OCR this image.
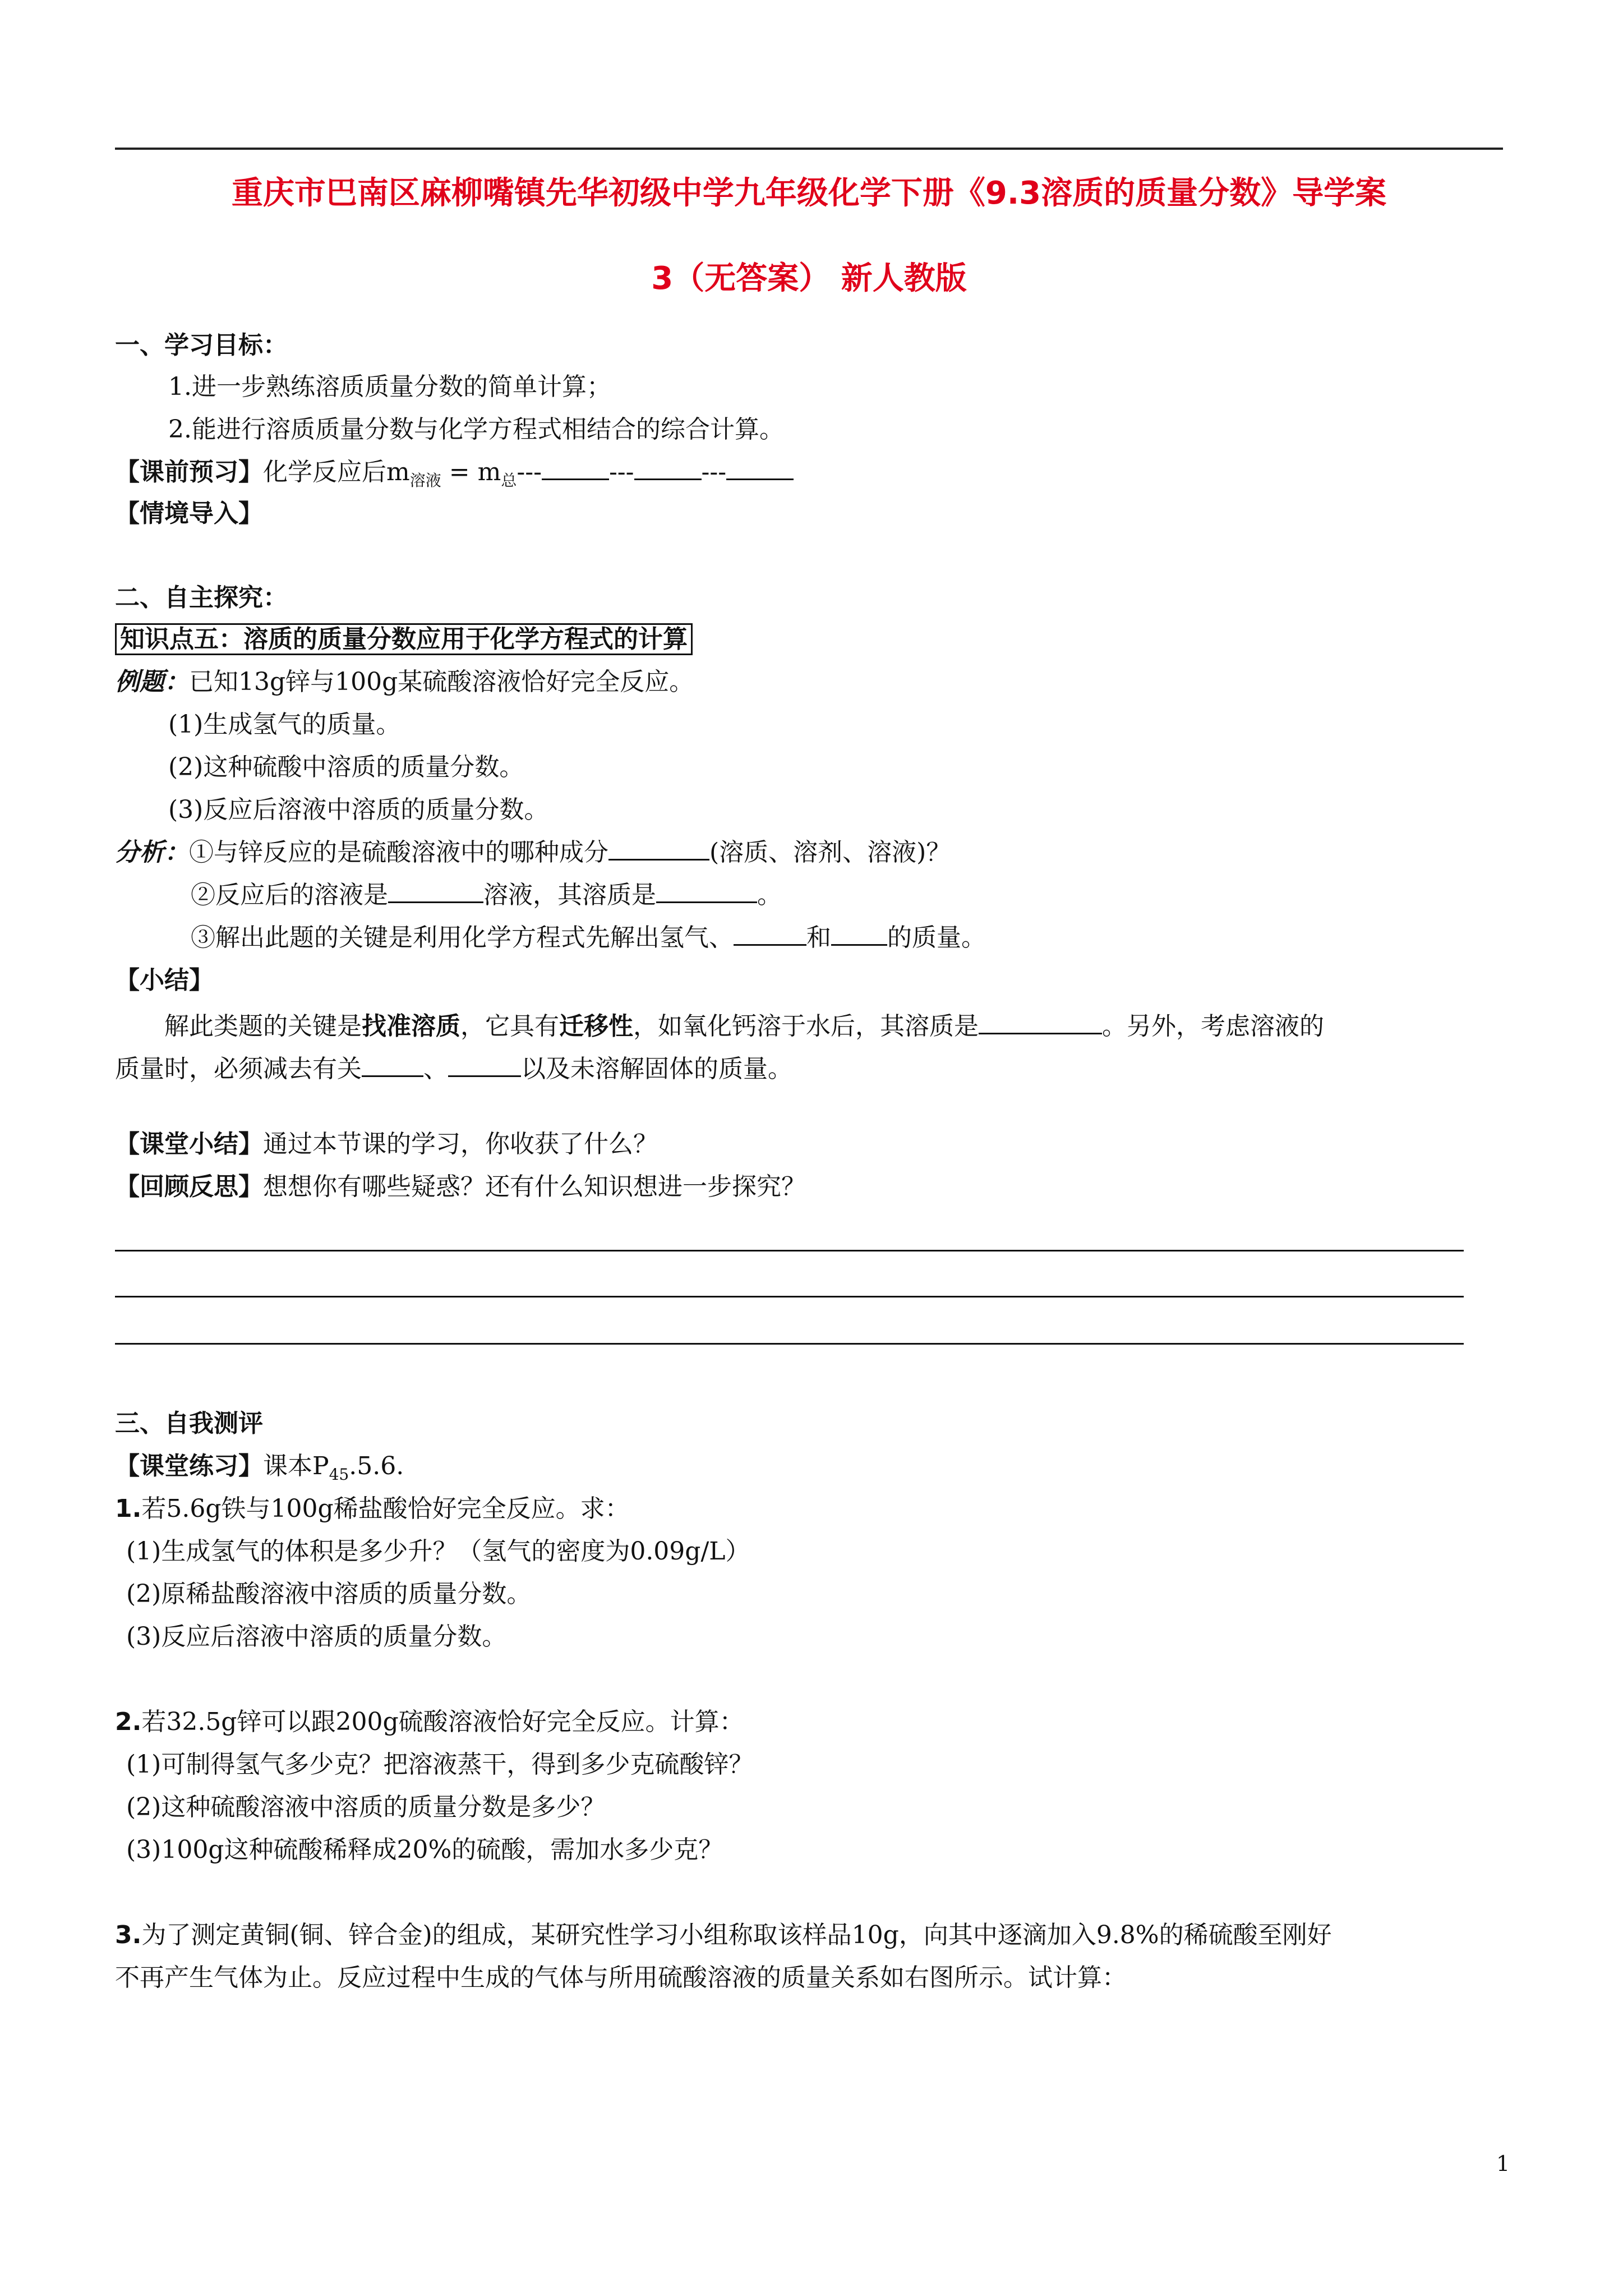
重庆市巴南区麻柳嘴镇先华初级中学九年级化学下册《9.3溶质的质量分数》导学案
3（无答案） 新人教版
一、学习目标：
1.进一步熟练溶质质量分数的简单计算；
2.能进行溶质质量分数与化学方程式相结合的综合计算。
【课前预习】化学反应后$m_{溶液} = m_总---$	---	---
【情境导入】
二、自主探究：
知识点五：溶质的质量分数应用于化学方程式的计算
例题：已知13g锌与100g某硫酸溶液恰好完全反应。
(1)生成氢气的质量。
(2)这种硫酸中溶质的质量分数。
(3)反应后溶液中溶质的质量分数。
分析：①与锌反应的是硫酸溶液中的哪种成分	(溶质、溶剂、溶液)？
②反应后的溶液是	溶液，其溶质是	。
③解出此题的关键是利用化学方程式先解出氢气、	和 的质量。
【小结】
解此类题的关键是找准溶质，它具有迁移性，如氧化钙溶于水后，其溶质是	。另外，考虑溶液的
质量时，必须减去有关	、	以及未溶解固体的质量。
【课堂小结】通过本节课的学习，你收获了什么？
【回顾反思】想想你有哪些疑惑？还有什么知识想进一步探究？
三、自我测评
【课堂练习】课本$P_{45}.5.6$.
1.若5.6g铁与100g稀盐酸恰好完全反应。求：
(1)生成氢气的体积是多少升？（氢气的密度为0.09g/L）
(2)原稀盐酸溶液中溶质的质量分数。
(3)反应后溶液中溶质的质量分数。
2.若32.5g锌可以跟200g硫酸溶液恰好完全反应。计算：
(1)可制得氢气多少克？把溶液蒸干，得到多少克硫酸锌？
(2)这种硫酸溶液中溶质的质量分数是多少？
(3)100g这种硫酸稀释成20%的硫酸，需加水多少克？
3.为了测定黄铜(铜、锌合金)的组成，某研究性学习小组称取该样品10g，向其中逐滴加入9.8%的稀硫酸至刚好
不再产生气体为止。反应过程中生成的气体与所用硫酸溶液的质量关系如右图所示。试计算：
1
